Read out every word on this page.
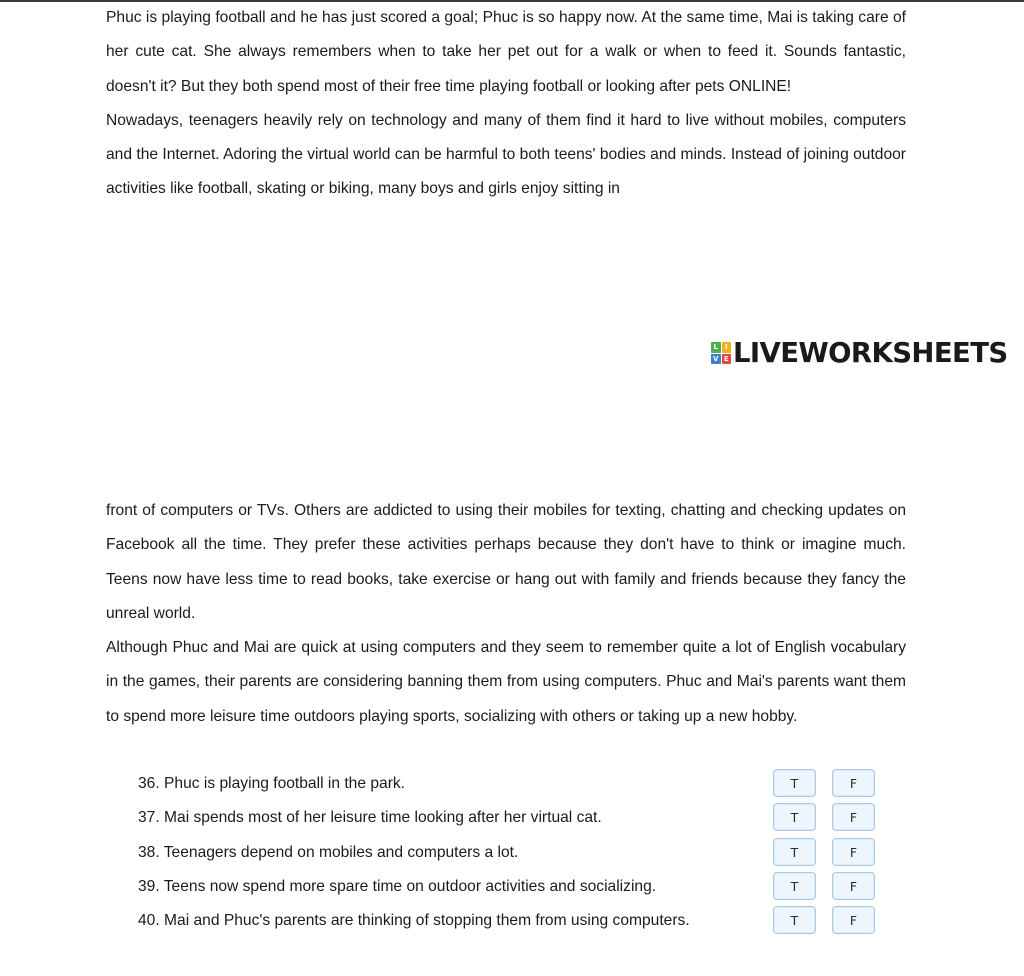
Phuc is playing football and he has just scored a goal; Phuc is so happy now. At the same time, Mai is taking care of her cute cat. She always remembers when to take her pet out for a walk or when to feed it. Sounds fantastic, doesn't it? But they both spend most of their free time playing football or looking after pets ONLINE!

Nowadays, teenagers heavily rely on technology and many of them find it hard to live without mobiles, computers and the Internet. Adoring the virtual world can be harmful to both teens' bodies and minds. Instead of joining outdoor activities like football, skating or biking, many boys and girls enjoy sitting in

L I
V E LIVEWORKSHEETS

front of computers or TVs. Others are addicted to using their mobiles for texting, chatting and checking updates on Facebook all the time. They prefer these activities perhaps because they don't have to think or imagine much. Teens now have less time to read books, take exercise or hang out with family and friends because they fancy the unreal world.

Although Phuc and Mai are quick at using computers and they seem to remember quite a lot of English vocabulary in the games, their parents are considering banning them from using computers. Phuc and Mai's parents want them to spend more leisure time outdoors playing sports, socializing with others or taking up a new hobby.

36. Phuc is playing football in the park.	T	F
37. Mai spends most of her leisure time looking after her virtual cat.	T	F
38. Teenagers depend on mobiles and computers a lot.	T	F
39. Teens now spend more spare time on outdoor activities and socializing.	T	F
40. Mai and Phuc's parents are thinking of stopping them from using computers.	T	F
